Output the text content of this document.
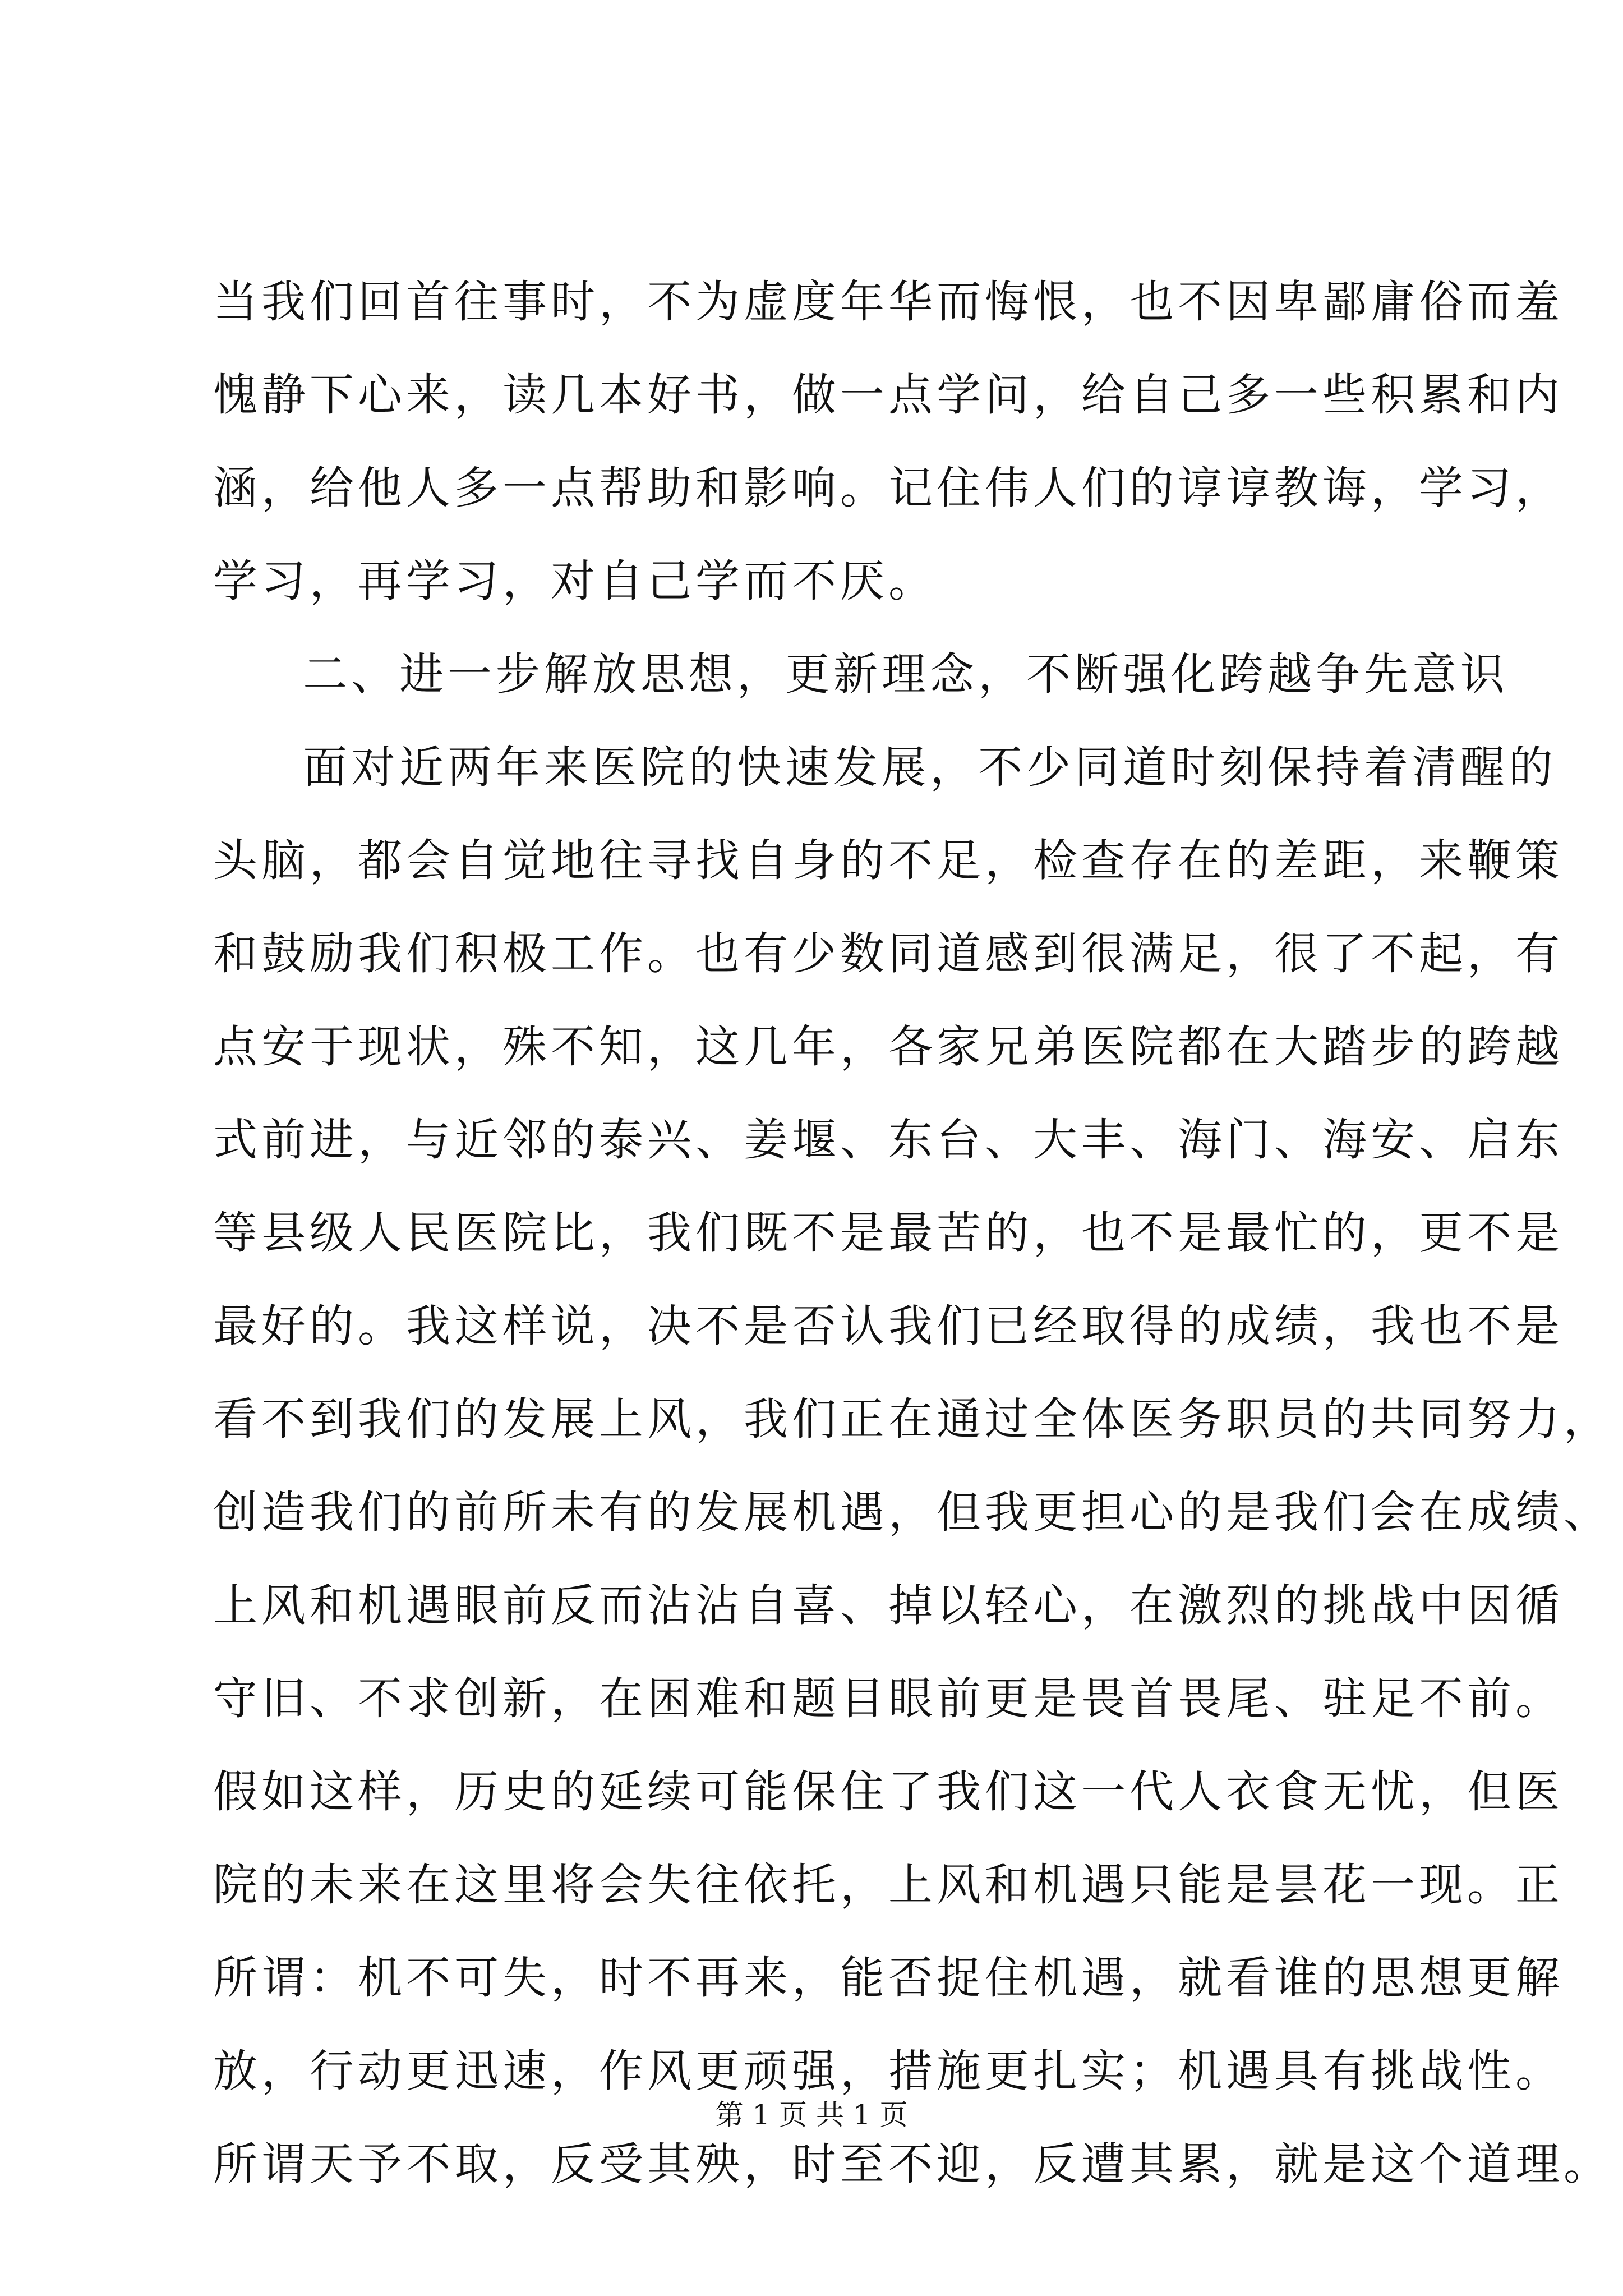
当我们回首往事时，不为虚度年华而悔恨，也不因卑鄙庸俗而羞
愧静下心来，读几本好书，做一点学问，给自己多一些积累和内
涵，给他人多一点帮助和影响。记住伟人们的谆谆教诲，学习，
学习，再学习，对自己学而不厌。
二、进一步解放思想，更新理念，不断强化跨越争先意识
面对近两年来医院的快速发展，不少同道时刻保持着清醒的
头脑，都会自觉地往寻找自身的不足，检查存在的差距，来鞭策
和鼓励我们积极工作。也有少数同道感到很满足，很了不起，有
点安于现状，殊不知，这几年，各家兄弟医院都在大踏步的跨越
式前进，与近邻的泰兴、姜堰、东台、大丰、海门、海安、启东
等县级人民医院比，我们既不是最苦的，也不是最忙的，更不是
最好的。我这样说，决不是否认我们已经取得的成绩，我也不是
看不到我们的发展上风，我们正在通过全体医务职员的共同努力，
创造我们的前所未有的发展机遇，但我更担心的是我们会在成绩、
上风和机遇眼前反而沾沾自喜、掉以轻心，在激烈的挑战中因循
守旧、不求创新，在困难和题目眼前更是畏首畏尾、驻足不前。
假如这样，历史的延续可能保住了我们这一代人衣食无忧，但医
院的未来在这里将会失往依托，上风和机遇只能是昙花一现。正
所谓：机不可失，时不再来，能否捉住机遇，就看谁的思想更解
放，行动更迅速，作风更顽强，措施更扎实；机遇具有挑战性。
所谓天予不取，反受其殃，时至不迎，反遭其累，就是这个道理。
第 1 页 共 1 页
